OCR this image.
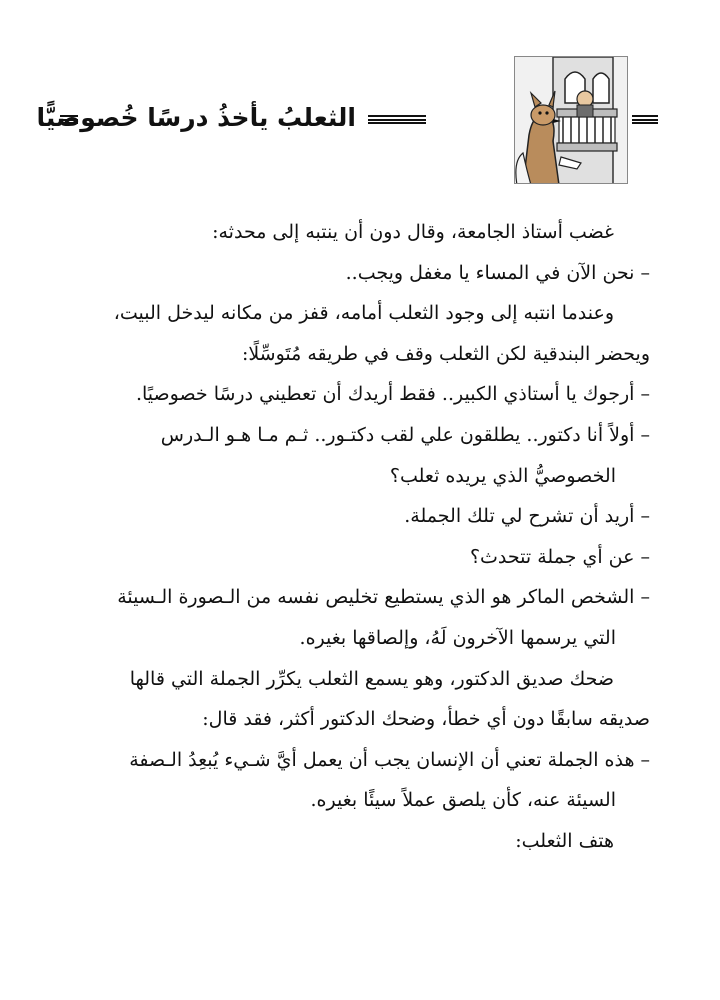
الثعلبُ يأخذُ درسًا خُصوصيًّا
غضب أستاذ الجامعة، وقال دون أن ينتبه إلى محدثه:
– نحن الآن في المساء يا مغفل ويجب..
وعندما انتبه إلى وجود الثعلب أمامه، قفز من مكانه ليدخل البيت،
ويحضر البندقية لكن الثعلب وقف في طريقه مُتَوسِّلًا:
– أرجوك يا أستاذي الكبير.. فقط أريدك أن تعطيني درسًا خصوصيًا.
– أولاً أنا دكتور.. يطلقون علي لقب دكتـور.. ثـم مـا هـو الـدرس
الخصوصيُّ الذي يريده ثعلب؟
– أريد أن تشرح لي تلك الجملة.
– عن أي جملة تتحدث؟
– الشخص الماكر هو الذي يستطيع تخليص نفسه من الـصورة الـسيئة
التي يرسمها الآخرون لَهُ، وإلصاقها بغيره.
ضحك صديق الدكتور، وهو يسمع الثعلب يكرِّر الجملة التي قالها
صديقه سابقًا دون أي خطأ، وضحك الدكتور أكثر، فقد قال:
– هذه الجملة تعني أن الإنسان يجب أن يعمل أيَّ شـيء يُبعِدُ الـصفة
السيئة عنه، كأن يلصق عملاً سيئًا بغيره.
هتف الثعلب:
